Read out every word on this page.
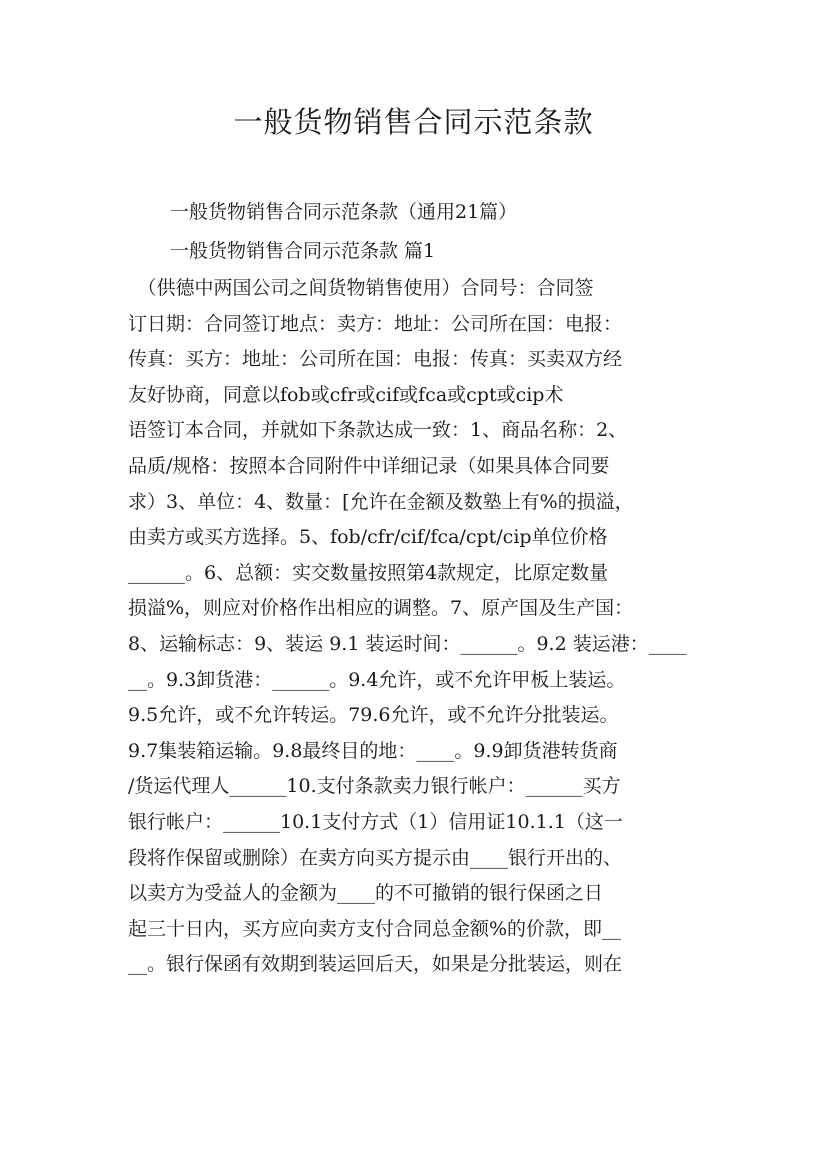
一般货物销售合同示范条款

一般货物销售合同示范条款（通用21篇）

一般货物销售合同示范条款 篇1

　（供德中两国公司之间货物销售使用）合同号：合同签
订日期：合同签订地点：卖方：地址：公司所在国：电报：
传真：买方：地址：公司所在国：电报：传真：买卖双方经
友好协商，同意以fob或cfr或cif或fca或cpt或cip术
语签订本合同，并就如下条款达成一致：1、商品名称：2、
品质/规格：按照本合同附件中详细记录（如果具体合同要
求）3、单位：4、数量：[允许在金额及数塾上有%的损溢，
由卖方或买方选择。5、fob/cfr/cif/fca/cpt/cip单位价格
______。6、总额：实交数量按照第4款规定，比原定数量
损溢%，则应对价格作出相应的调整。7、原产国及生产国：
8、运输标志：9、装运 9.1 装运时间：______。9.2 装运港：____
__。9.3卸货港：______。9.4允许，或不允许甲板上装运。
9.5允许，或不允许转运。79.6允许，或不允许分批装运。
9.7集装箱运输。9.8最终目的地：____。9.9卸货港转货商
/货运代理人______10.支付条款卖力银行帐户：______买方
银行帐户：______10.1支付方式（1）信用证10.1.1（这一
段将作保留或删除）在卖方向买方提示由____银行开出的、
以卖方为受益人的金额为____的不可撤销的银行保函之日
起三十日内，买方应向卖方支付合同总金额%的价款，即__
__。银行保函有效期到装运回后天，如果是分批装运，则在
